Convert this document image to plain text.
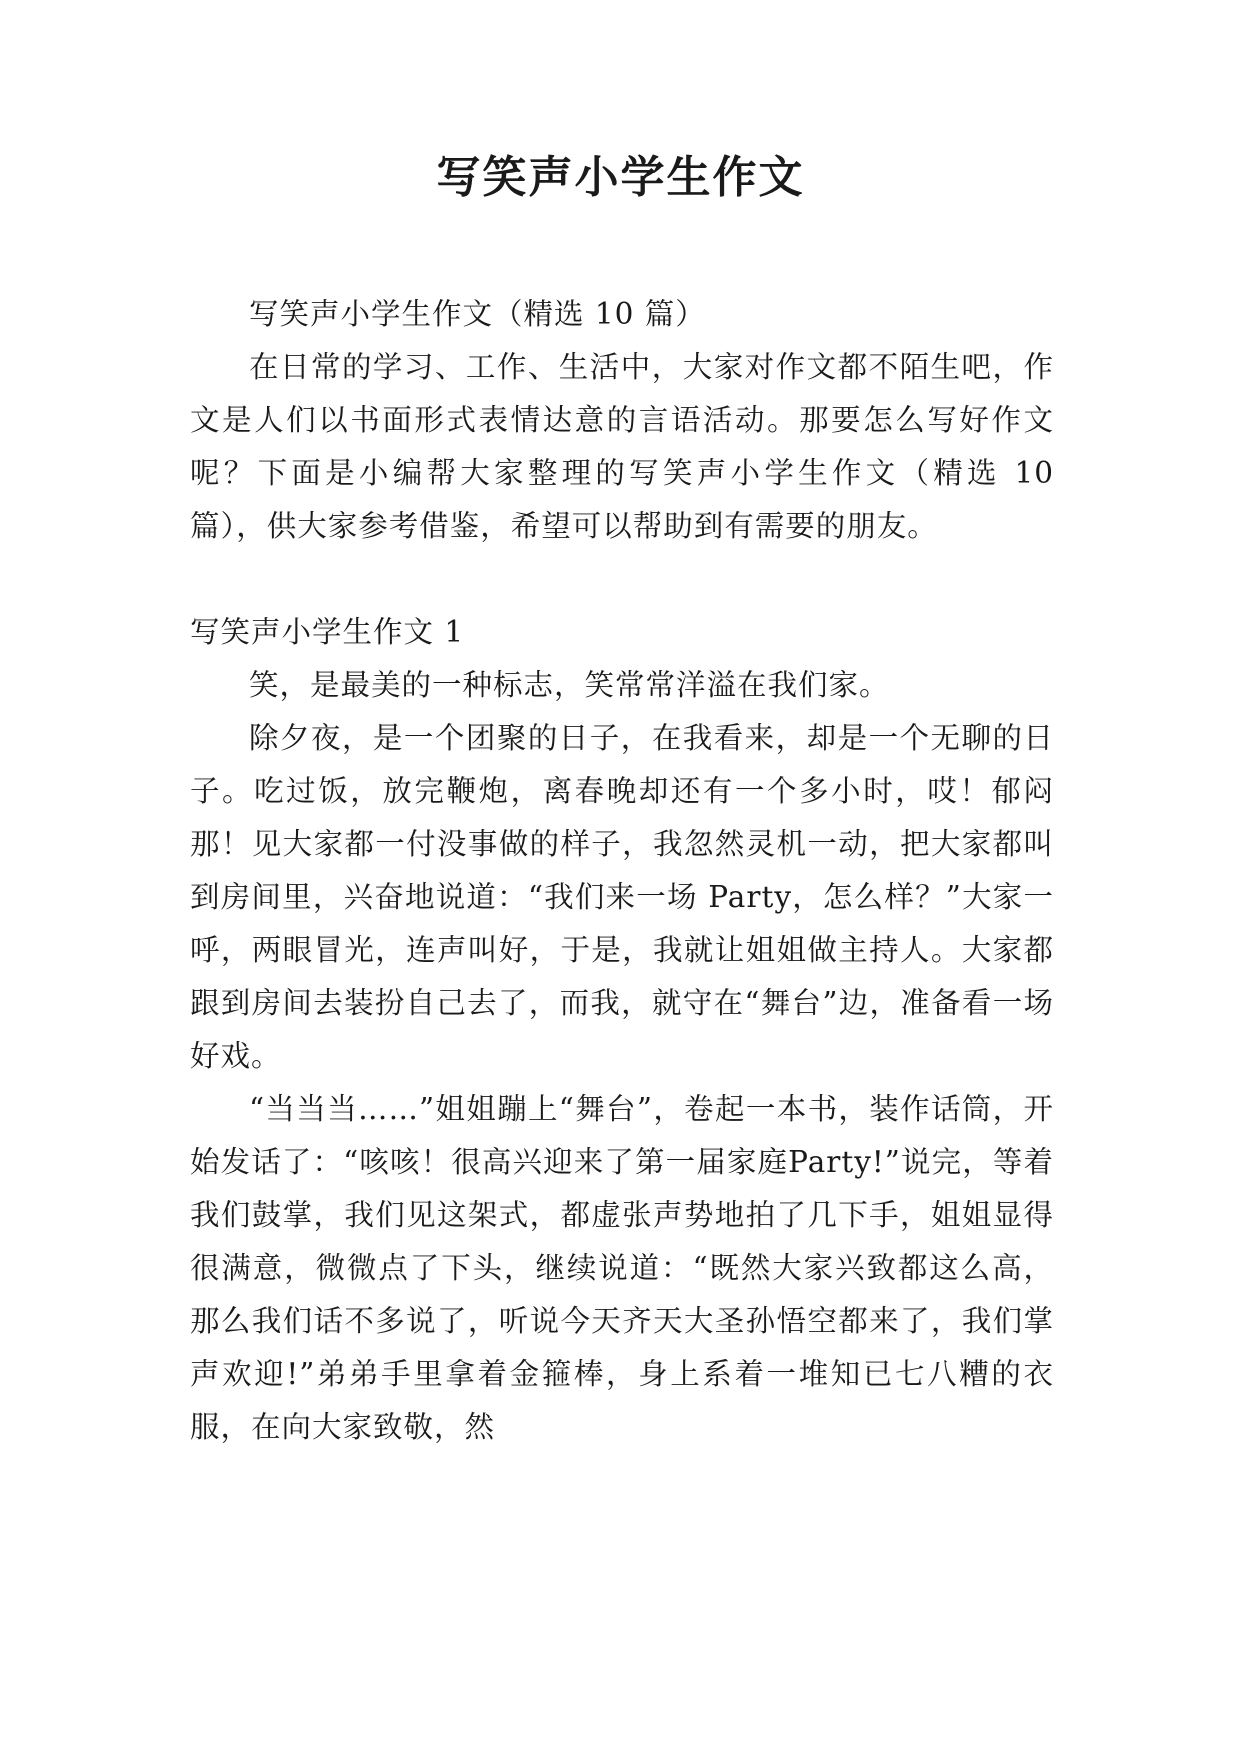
写笑声小学生作文

写笑声小学生作文（精选 10 篇）

在日常的学习、工作、生活中，大家对作文都不陌生吧，作文是人们以书面形式表情达意的言语活动。那要怎么写好作文呢？下面是小编帮大家整理的写笑声小学生作文（精选 10 篇），供大家参考借鉴，希望可以帮助到有需要的朋友。

写笑声小学生作文 1

笑，是最美的一种标志，笑常常洋溢在我们家。

除夕夜，是一个团聚的日子，在我看来，却是一个无聊的日子。吃过饭，放完鞭炮，离春晚却还有一个多小时，哎！郁闷那！见大家都一付没事做的样子，我忽然灵机一动，把大家都叫到房间里，兴奋地说道：“我们来一场 Party，怎么样？”大家一呼，两眼冒光，连声叫好，于是，我就让姐姐做主持人。大家都跟到房间去装扮自己去了，而我，就守在“舞台”边，准备看一场好戏。

“当当当……”姐姐蹦上“舞台”，卷起一本书，装作话筒，开始发话了：“咳咳！很高兴迎来了第一届家庭Party!”说完，等着我们鼓掌，我们见这架式，都虚张声势地拍了几下手，姐姐显得很满意，微微点了下头，继续说道：“既然大家兴致都这么高，那么我们话不多说了，听说今天齐天大圣孙悟空都来了，我们掌声欢迎!”弟弟手里拿着金箍棒，身上系着一堆知已七八糟的衣服，在向大家致敬，然
